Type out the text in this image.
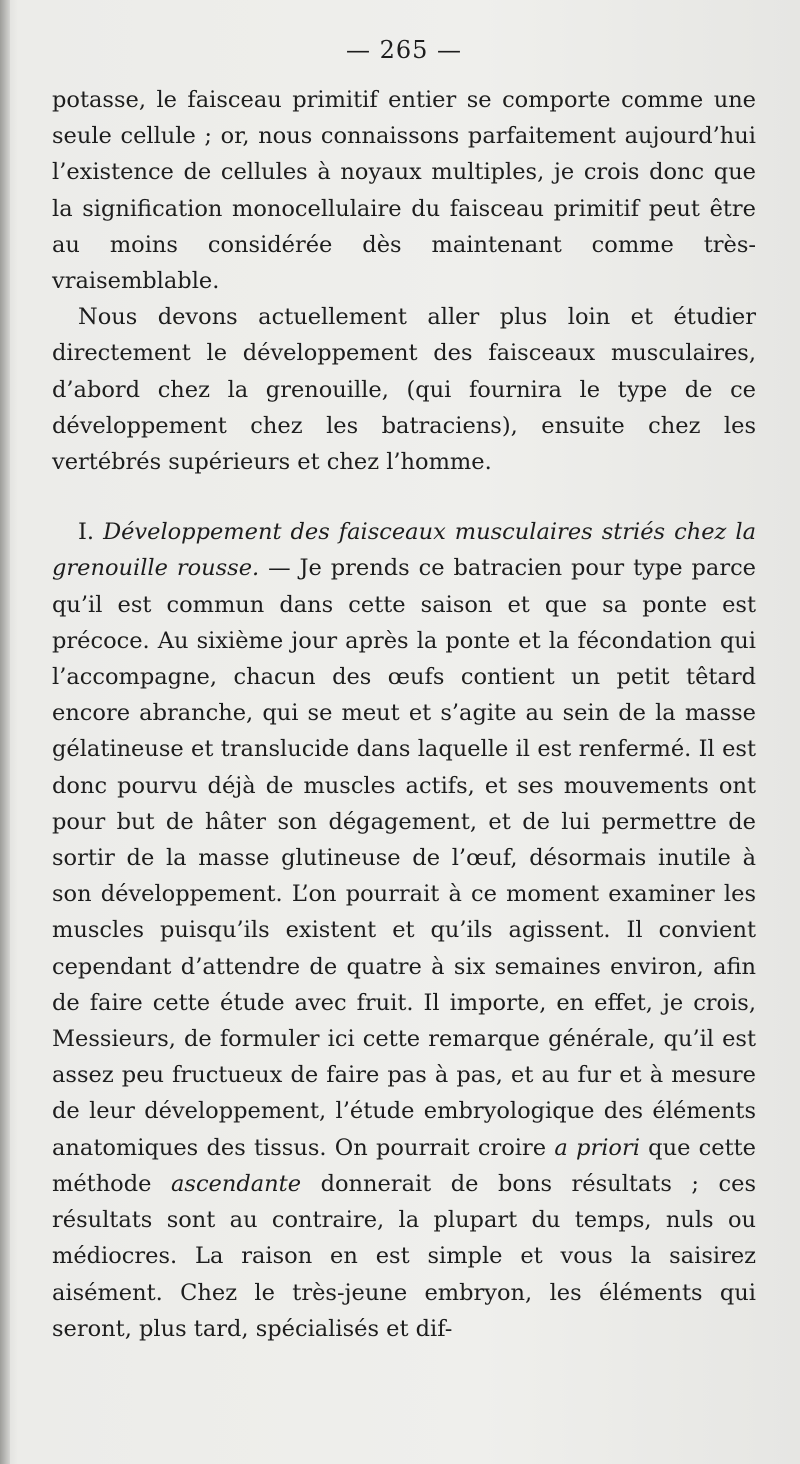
— 265 —

potasse, le faisceau primitif entier se comporte comme une seule cellule ; or, nous connaissons parfaitement aujourd’hui l’existence de cellules à noyaux multiples, je crois donc que la signification monocellulaire du faisceau primitif peut être au moins considérée dès maintenant comme très-vraisemblable.

Nous devons actuellement aller plus loin et étudier directement le développement des faisceaux musculaires, d’abord chez la grenouille, (qui fournira le type de ce développement chez les batraciens), ensuite chez les vertébrés supérieurs et chez l’homme.

I. Développement des faisceaux musculaires striés chez la grenouille rousse. — Je prends ce batracien pour type parce qu’il est commun dans cette saison et que sa ponte est précoce. Au sixième jour après la ponte et la fécondation qui l’accompagne, chacun des œufs contient un petit têtard encore abranche, qui se meut et s’agite au sein de la masse gélatineuse et translucide dans laquelle il est renfermé. Il est donc pourvu déjà de muscles actifs, et ses mouvements ont pour but de hâter son dégagement, et de lui permettre de sortir de la masse glutineuse de l’œuf, désormais inutile à son développement. L’on pourrait à ce moment examiner les muscles puisqu’ils existent et qu’ils agissent. Il convient cependant d’attendre de quatre à six semaines environ, afin de faire cette étude avec fruit. Il importe, en effet, je crois, Messieurs, de formuler ici cette remarque générale, qu’il est assez peu fructueux de faire pas à pas, et au fur et à mesure de leur développement, l’étude embryologique des éléments anatomiques des tissus. On pourrait croire a priori que cette méthode ascendante donnerait de bons résultats ; ces résultats sont au contraire, la plupart du temps, nuls ou médiocres. La raison en est simple et vous la saisirez aisément. Chez le très-jeune embryon, les éléments qui seront, plus tard, spécialisés et dif-
